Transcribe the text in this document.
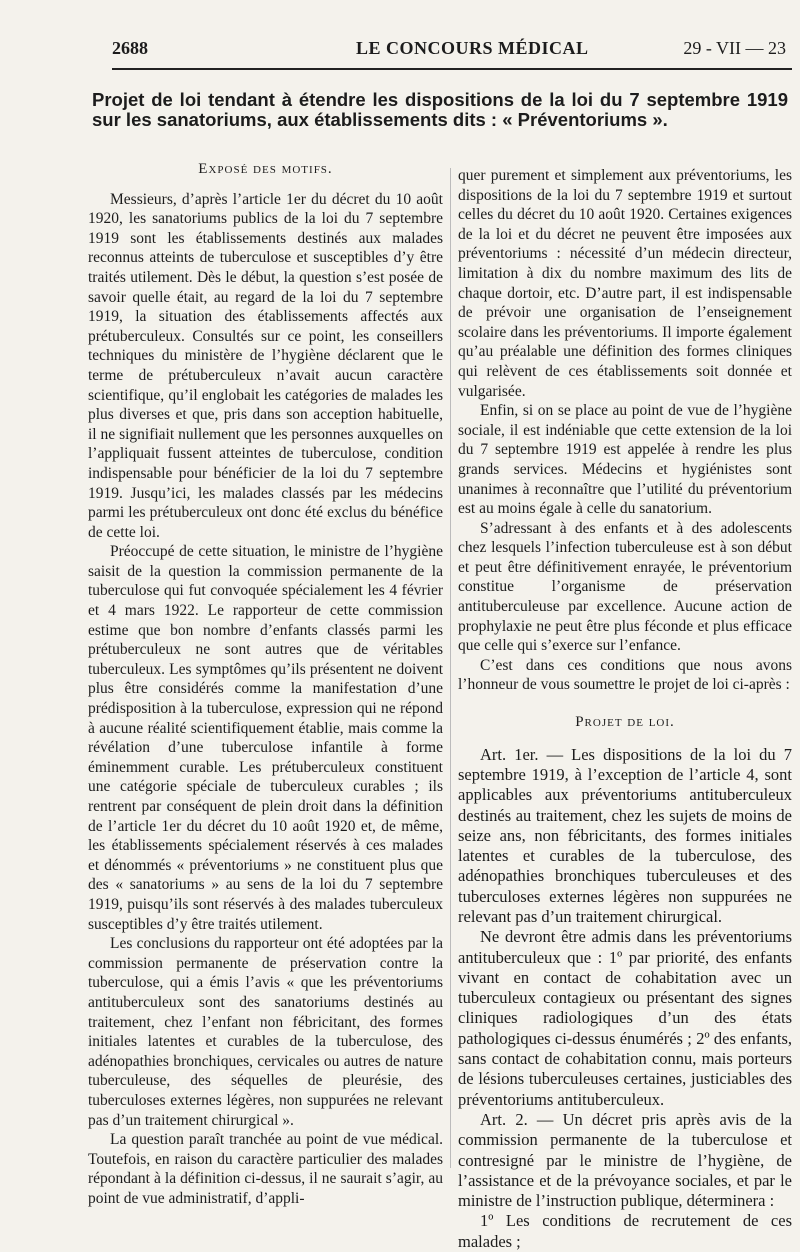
2688	LE CONCOURS MÉDICAL	29 - VII — 23
Projet de loi tendant à étendre les dispositions de la loi du 7 septembre 1919 sur les sanatoriums, aux établissements dits : « Préventoriums ».
Exposé des motifs.

Messieurs, d’après l’article 1er du décret du 10 août 1920, les sanatoriums publics de la loi du 7 septembre 1919 sont les établissements destinés aux malades reconnus atteints de tuberculose et susceptibles d’y être traités utilement. Dès le début, la question s’est posée de savoir quelle était, au regard de la loi du 7 septembre 1919, la situation des établissements affectés aux prétuberculeux. Consultés sur ce point, les conseillers techniques du ministère de l’hygiène déclarent que le terme de prétuberculeux n’avait aucun caractère scientifique, qu’il englobait les catégories de malades les plus diverses et que, pris dans son acception habituelle, il ne signifiait nullement que les personnes auxquelles on l’appliquait fussent atteintes de tuberculose, condition indispensable pour bénéficier de la loi du 7 septembre 1919. Jusqu’ici, les malades classés par les médecins parmi les prétuberculeux ont donc été exclus du bénéfice de cette loi.

Préoccupé de cette situation, le ministre de l’hygiène saisit de la question la commission permanente de la tuberculose qui fut convoquée spécialement les 4 février et 4 mars 1922. Le rapporteur de cette commission estime que bon nombre d’enfants classés parmi les prétuberculeux ne sont autres que de véritables tuberculeux. Les symptômes qu’ils présentent ne doivent plus être considérés comme la manifestation d’une prédisposition à la tuberculose, expression qui ne répond à aucune réalité scientifiquement établie, mais comme la révélation d’une tuberculose infantile à forme éminemment curable. Les prétuberculeux constituent une catégorie spéciale de tuberculeux curables ; ils rentrent par conséquent de plein droit dans la définition de l’article 1er du décret du 10 août 1920 et, de même, les établissements spécialement réservés à ces malades et dénommés « préventoriums » ne constituent plus que des « sanatoriums » au sens de la loi du 7 septembre 1919, puisqu’ils sont réservés à des malades tuberculeux susceptibles d’y être traités utilement.

Les conclusions du rapporteur ont été adoptées par la commission permanente de préservation contre la tuberculose, qui a émis l’avis « que les préventoriums antituberculeux sont des sanatoriums destinés au traitement, chez l’enfant non fébricitant, des formes initiales latentes et curables de la tuberculose, des adénopathies bronchiques, cervicales ou autres de nature tuberculeuse, des séquelles de pleurésie, des tuberculoses externes légères, non suppurées ne relevant pas d’un traitement chirurgical ».

La question paraît tranchée au point de vue médical. Toutefois, en raison du caractère particulier des malades répondant à la définition ci-dessus, il ne saurait s’agir, au point de vue administratif, d’appli-

quer purement et simplement aux préventoriums, les dispositions de la loi du 7 septembre 1919 et surtout celles du décret du 10 août 1920. Certaines exigences de la loi et du décret ne peuvent être imposées aux préventoriums : nécessité d’un médecin directeur, limitation à dix du nombre maximum des lits de chaque dortoir, etc. D’autre part, il est indispensable de prévoir une organisation de l’enseignement scolaire dans les préventoriums. Il importe également qu’au préalable une définition des formes cliniques qui relèvent de ces établissements soit donnée et vulgarisée.

Enfin, si on se place au point de vue de l’hygiène sociale, il est indéniable que cette extension de la loi du 7 septembre 1919 est appelée à rendre les plus grands services. Médecins et hygiénistes sont unanimes à reconnaître que l’utilité du préventorium est au moins égale à celle du sanatorium.

S’adressant à des enfants et à des adolescents chez lesquels l’infection tuberculeuse est à son début et peut être définitivement enrayée, le préventorium constitue l’organisme de préservation antituberculeuse par excellence. Aucune action de prophylaxie ne peut être plus féconde et plus efficace que celle qui s’exerce sur l’enfance.

C’est dans ces conditions que nous avons l’honneur de vous soumettre le projet de loi ci-après :

Projet de loi.

Art. 1er. — Les dispositions de la loi du 7 septembre 1919, à l’exception de l’article 4, sont applicables aux préventoriums antituberculeux destinés au traitement, chez les sujets de moins de seize ans, non fébricitants, des formes initiales latentes et curables de la tuberculose, des adénopathies bronchiques tuberculeuses et des tuberculoses externes légères non suppurées ne relevant pas d’un traitement chirurgical.

Ne devront être admis dans les préventoriums antituberculeux que : 1º par priorité, des enfants vivant en contact de cohabitation avec un tuberculeux contagieux ou présentant des signes cliniques radiologiques d’un des états pathologiques ci-dessus énumérés ; 2º des enfants, sans contact de cohabitation connu, mais porteurs de lésions tuberculeuses certaines, justiciables des préventoriums antituberculeux.

Art. 2. — Un décret pris après avis de la commission permanente de la tuberculose et contresigné par le ministre de l’hygiène, de l’assistance et de la prévoyance sociales, et par le ministre de l’instruction publique, déterminera :

1º Les conditions de recrutement de ces malades ;
